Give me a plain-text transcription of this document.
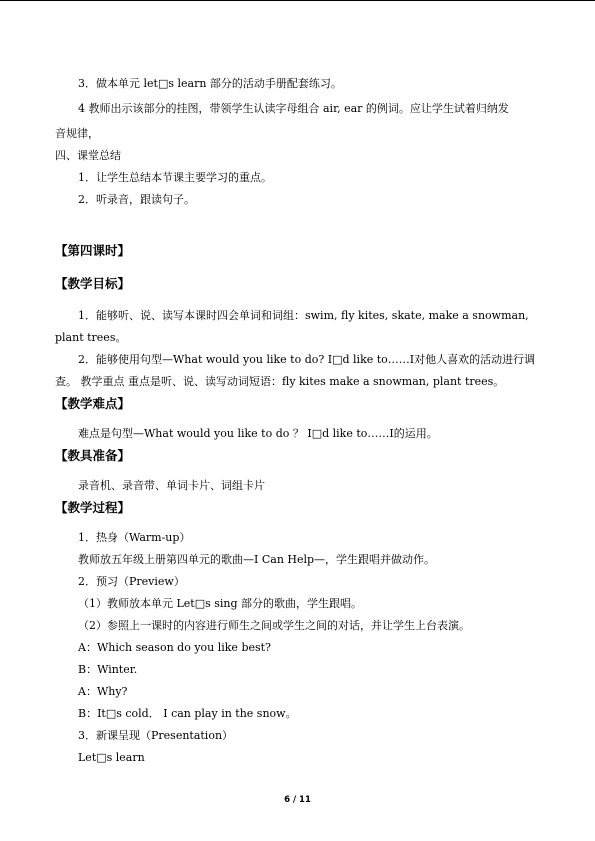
3．做本单元 let□s learn 部分的活动手册配套练习。
4 教师出示该部分的挂图，带领学生认读字母组合 air, ear 的例词。应让学生试着归纳发
音规律，
四、课堂总结
1．让学生总结本节课主要学习的重点。
2．听录音，跟读句子。
【第四课时】
【教学目标】
1．能够听、说、读写本课时四会单词和词组：swim, fly kites, skate, make a snowman,
plant trees。
2．能够使用句型—What would you like to do? I□d like to……I对他人喜欢的活动进行调
查。 教学重点 重点是听、说、读写动词短语：fly kites make a snowman, plant trees。
【教学难点】
难点是句型—What would you like to do ？ I□d like to……I的运用。
【教具准备】
录音机、录音带、单词卡片、词组卡片
【教学过程】
1．热身（Warm-up）
教师放五年级上册第四单元的歌曲—I Can Help—，学生跟唱并做动作。
2．预习（Preview）
（1）教师放本单元 Let□s sing 部分的歌曲，学生跟唱。
（2）参照上一课时的内容进行师生之间或学生之间的对话，并让学生上台表演。
A：Which season do you like best?
B：Winter.
A：Why?
B：It□s cold． I can play in the snow。
3．新课呈现（Presentation）
Let□s learn
6 / 11
